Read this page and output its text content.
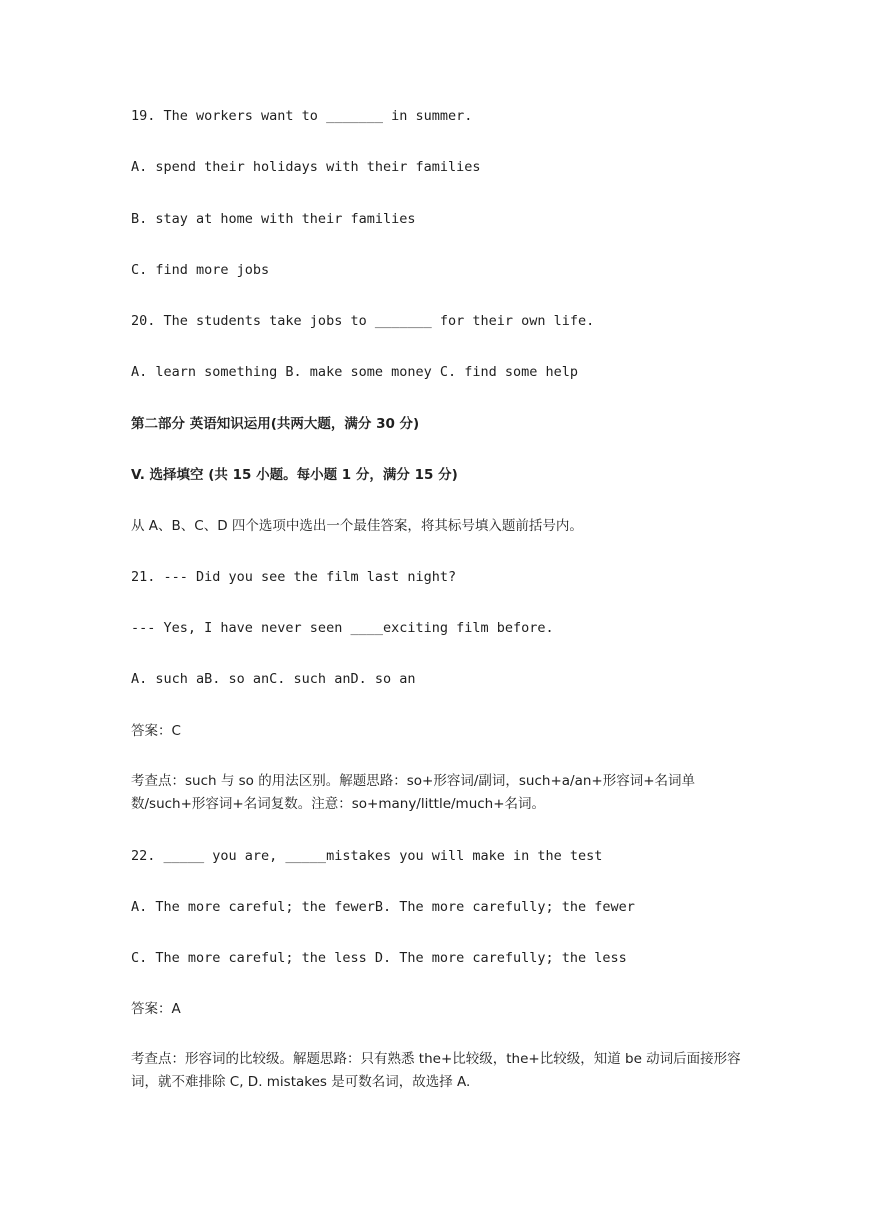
19. The workers want to _______ in summer.
A. spend their holidays with their families
B. stay at home with their families
C. find more jobs
20. The students take jobs to _______ for their own life.
A. learn something B. make some money C. find some help
第二部分 英语知识运用(共两大题，满分 30 分)
V. 选择填空 (共 15 小题。每小题 1 分，满分 15 分)
从 A、B、C、D 四个选项中选出一个最佳答案，将其标号填入题前括号内。
21. --- Did you see the film last night?
--- Yes, I have never seen ____exciting film before.
A. such aB. so anC. such anD. so an
答案：C
考查点：such 与 so 的用法区别。解题思路：so+形容词/副词，such+a/an+形容词+名词单数/such+形容词+名词复数。注意：so+many/little/much+名词。
22. _____ you are, _____mistakes you will make in the test
A. The more careful; the fewerB. The more carefully; the fewer
C. The more careful; the less D. The more carefully; the less
答案：A
考查点：形容词的比较级。解题思路：只有熟悉 the+比较级，the+比较级，知道 be 动词后面接形容词，就不难排除 C, D. mistakes 是可数名词，故选择 A.
